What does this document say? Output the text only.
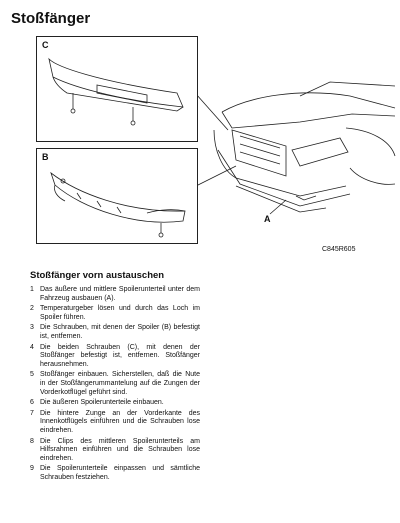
Stoßfänger
C
B
A
C845R605
Stoßfänger vorn austauschen
1 Das äußere und mittlere Spoilerunterteil unter dem Fahrzeug ausbauen (A).
2 Temperaturgeber lösen und durch das Loch im Spoiler führen.
3 Die Schrauben, mit denen der Spoiler (B) befestigt ist, entfernen.
4 Die beiden Schrauben (C), mit denen der Stoßfänger befestigt ist, entfernen. Stoßfänger herausnehmen.
5 Stoßfänger einbauen. Sicherstellen, daß die Nute in der Stoßfängerummantelung auf die Zungen der Vorderkotflügel geführt sind.
6 Die äußeren Spoilerunterteile einbauen.
7 Die hintere Zunge an der Vorderkante des Innenkotflügels einführen und die Schrauben lose eindrehen.
8 Die Clips des mittleren Spoilerunterteils am Hilfsrahmen einführen und die Schrauben lose eindrehen.
9 Die Spoilerunterteile einpassen und sämtliche Schrauben festziehen.
